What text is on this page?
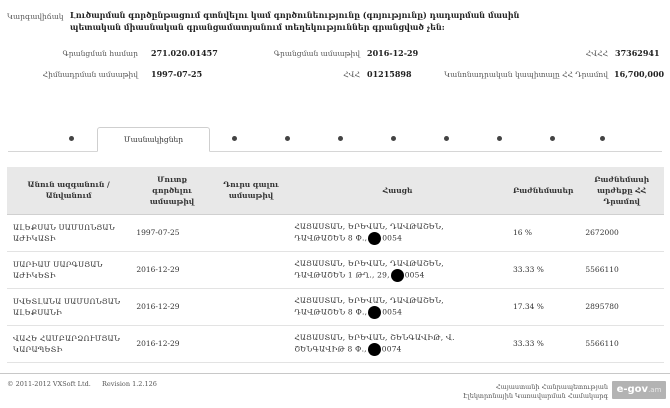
Կարգավիճակ Լուծարման գործընթացում գտնվելու կամ գործունեությունը (գոյությունը) դադարման մասին պետական միասնական գրանցամատյանում տեղեկություններ գրանցված չեն:
Գրանցման համար 271.020.01457	Գրանցման ամսաթիվ 2016-12-29	ՀՎՀՀ 37362941
Հիմնադրման ամսաթիվ 1997-07-25	ՀՎՀ 01215898	Կանոնադրական կապիտալը ՀՀ Դրամով 16,700,000
Մասնակիցներ
Անուն ազգանուն / Անվանում	Մուտք գործելու ամսաթիվ	Դուրս գալու ամսաթիվ	Հասցե	Բաժնեմասեր	Բաժնեմասի արժեքը ՀՀ Դրամով
ԱԼԵՔՍԱՆ ՍԱՄՍՈՆՅԱՆ ԱԺԻԿԱՏԻ	1997-07-25		ՀԱՅԱՍՏԱՆ, ԵՐԵՎԱՆ, ԴԱՎԹԱՇԵՆ,
ԴԱՎԹԱՇԵՆ 8 Փ., 0054	16 %	2672000
ՍԱՐԻԱՄ ՍԱՐԳՍՅԱՆ ԱԺԻԿԵՏԻ	2016-12-29		ՀԱՅԱՍՏԱՆ, ԵՐԵՎԱՆ, ԴԱՎԹԱՇԵՆ,
ԴԱՎԹԱՇԵՆ 1 ԹՂ., 29, 0054	33.33 %	5566110
ՍՎԵՏԼԱՆԱ ՍԱՄՍՈՆՅԱՆ ԱԼԵՔՍԱՆԻ	2016-12-29		ՀԱՅԱՍՏԱՆ, ԵՐԵՎԱՆ, ԴԱՎԹԱՇԵՆ,
ԴԱՎԹԱՇԵՆ 8 Փ., 0054	17.34 %	2895780
ՎԱՀԵ ՀԱՄԲԱՐՁՈՒՄՅԱՆ ԿԱՐԱՊԵՏԻ	2016-12-29		ՀԱՅԱՍՏԱՆ, ԵՐԵՎԱՆ, ՇԵՆԳԱՎԻԹ, Վ.
ՇԵՆԳԱՎԻԹ 8 Փ., 0074	33.33 %	5566110
© 2011-2012 VXSoft Ltd. Revision 1.2.126	Հայաստանի Հանրապետության
Էլեկտրոնային Կառավարման Համակարգ
e-gov.am
